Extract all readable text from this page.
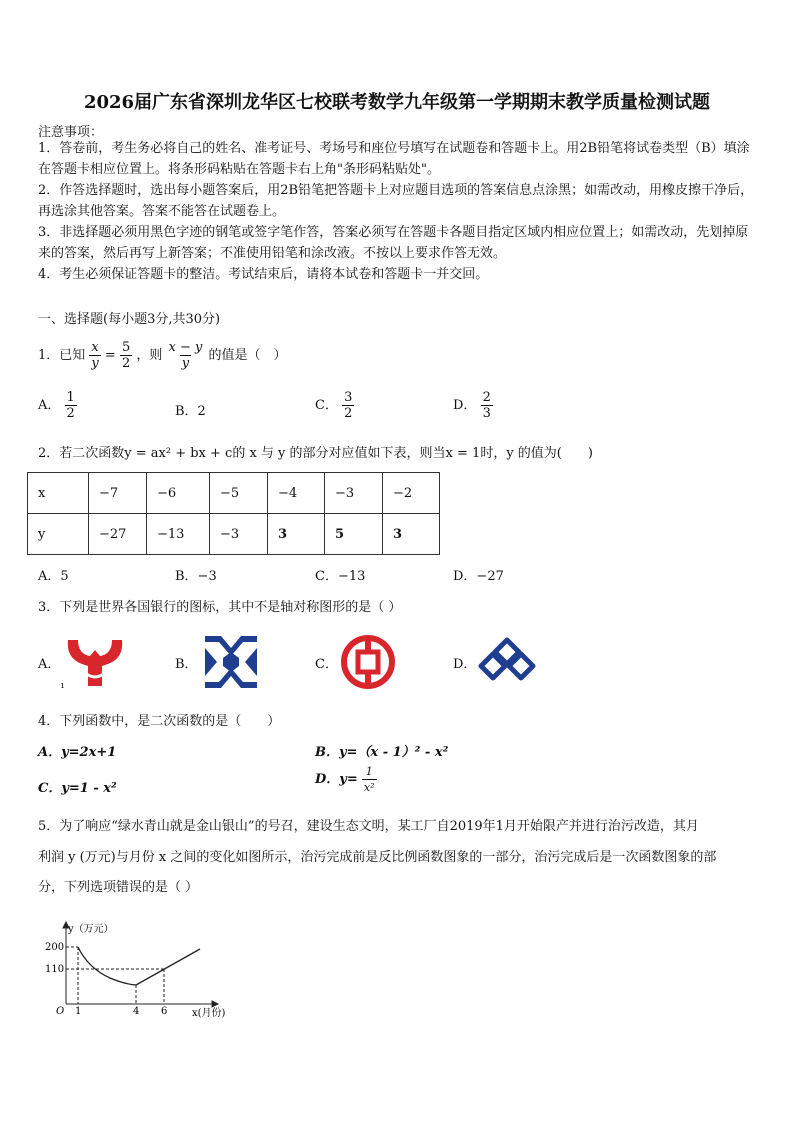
2026届广东省深圳龙华区七校联考数学九年级第一学期期末教学质量检测试题
注意事项：
1．答卷前，考生务必将自己的姓名、准考证号、考场号和座位号填写在试题卷和答题卡上。用2B铅笔将试卷类型（B）填涂在答题卡相应位置上。将条形码粘贴在答题卡右上角"条形码粘贴处"。
2．作答选择题时，选出每小题答案后，用2B铅笔把答题卡上对应题目选项的答案信息点涂黑；如需改动，用橡皮擦干净后，再选涂其他答案。答案不能答在试题卷上。
3．非选择题必须用黑色字迹的钢笔或签字笔作答，答案必须写在答题卡各题目指定区域内相应位置上；如需改动，先划掉原来的答案，然后再写上新答案；不准使用铅笔和涂改液。不按以上要求作答无效。
4．考生必须保证答题卡的整洁。考试结束后，请将本试卷和答题卡一并交回。
一、选择题(每小题3分,共30分)
1．已知 $\frac{x}{y} = \frac{5}{2}$ ，则 $\frac{x - y}{y}$ 的值是（　）
A． $\frac{1}{2}$	B．2	C． $\frac{3}{2}$	D． $\frac{2}{3}$
2．若二次函数y = ax² + bx + c的 x 与 y 的部分对应值如下表，则当x = 1时，y 的值为(　　)
x	−7	−6	−5	−4	−3	−2
y	−27	−13	−3	3	5	3
A．5	B．−3	C．−13	D．−27
3．下列是世界各国银行的图标，其中不是轴对称图形的是（ ）
A．	B．	C．	D．
ı
4．下列函数中，是二次函数的是（　　）
A．y=2x+1	B．y=（x - 1）² - x²
C．y=1 - x²
D．$y= \frac{1}{\text{x²}}$
5．为了响应“绿水青山就是金山银山”的号召，建设生态文明，某工厂自2019年1月开始限产并进行治污改造，其月
利润 y (万元)与月份 x 之间的变化如图所示，治污完成前是反比例函数图象的一部分，治污完成后是一次函数图象的部
分，下列选项错误的是（ ）
y（万元）
200
110
O 1	4 6 x(月份)
